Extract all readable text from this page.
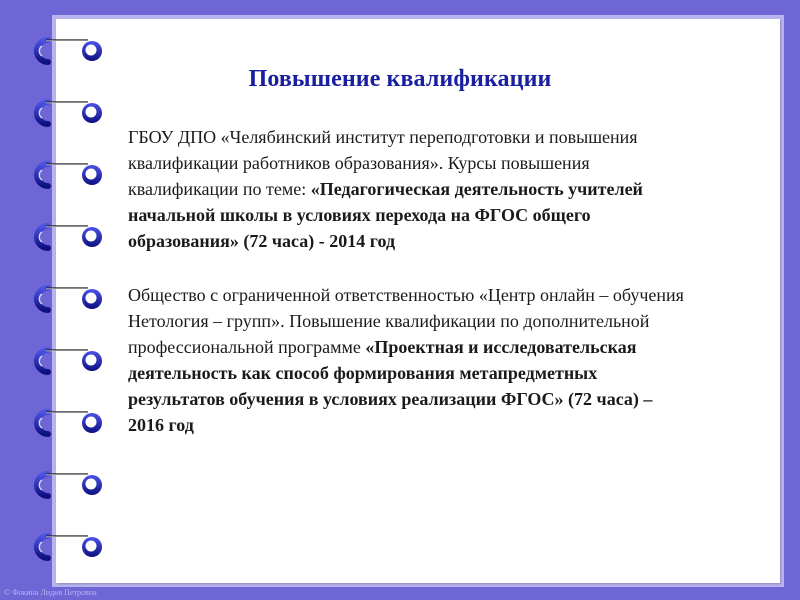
Повышение квалификации

ГБОУ ДПО «Челябинский институт переподготовки и повышения квалификации работников образования». Курсы повышения квалификации по теме: «Педагогическая деятельность учителей начальной школы в условиях перехода на ФГОС общего образования» (72 часа) - 2014 год

Общество с ограниченной ответственностью «Центр онлайн – обучения Нетология – групп». Повышение квалификации по дополнительной профессиональной программе «Проектная и исследовательская деятельность как способ формирования метапредметных результатов обучения в условиях реализации ФГОС» (72 часа) – 2016 год

© Фокина Лидия Петровна
